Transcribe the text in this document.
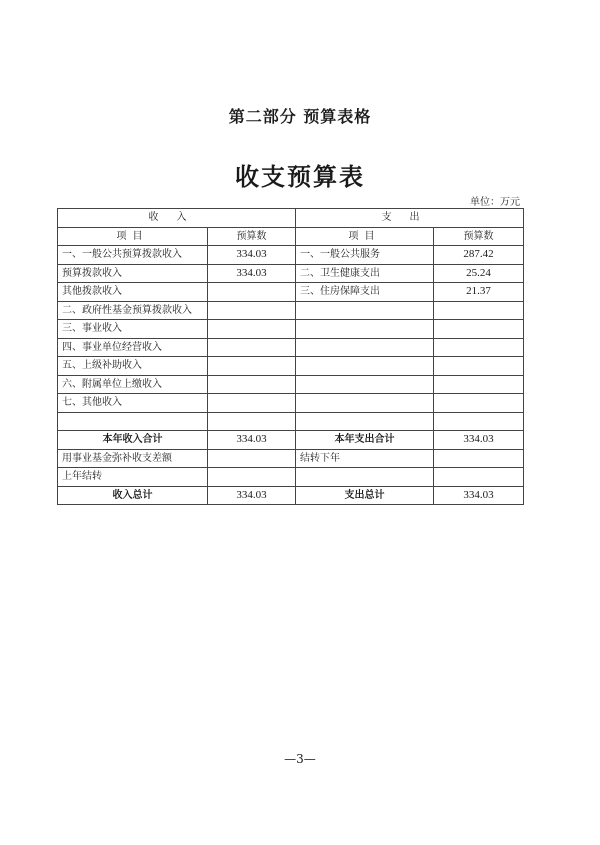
第二部分 预算表格
收支预算表
单位：万元
收入		支出	
项目	预算数	项目	预算数
一、一般公共预算拨款收入	334.03	一、一般公共服务	287.42
预算拨款收入	334.03	二、卫生健康支出	25.24
其他拨款收入		三、住房保障支出	21.37
二、政府性基金预算拨款收入			
三、事业收入			
四、事业单位经营收入			
五、上级补助收入			
六、附属单位上缴收入			
七、其他收入			

本年收入合计	334.03	本年支出合计	334.03
用事业基金弥补收支差额		结转下年	
上年结转			
收入总计	334.03	支出总计	334.03
—3—
